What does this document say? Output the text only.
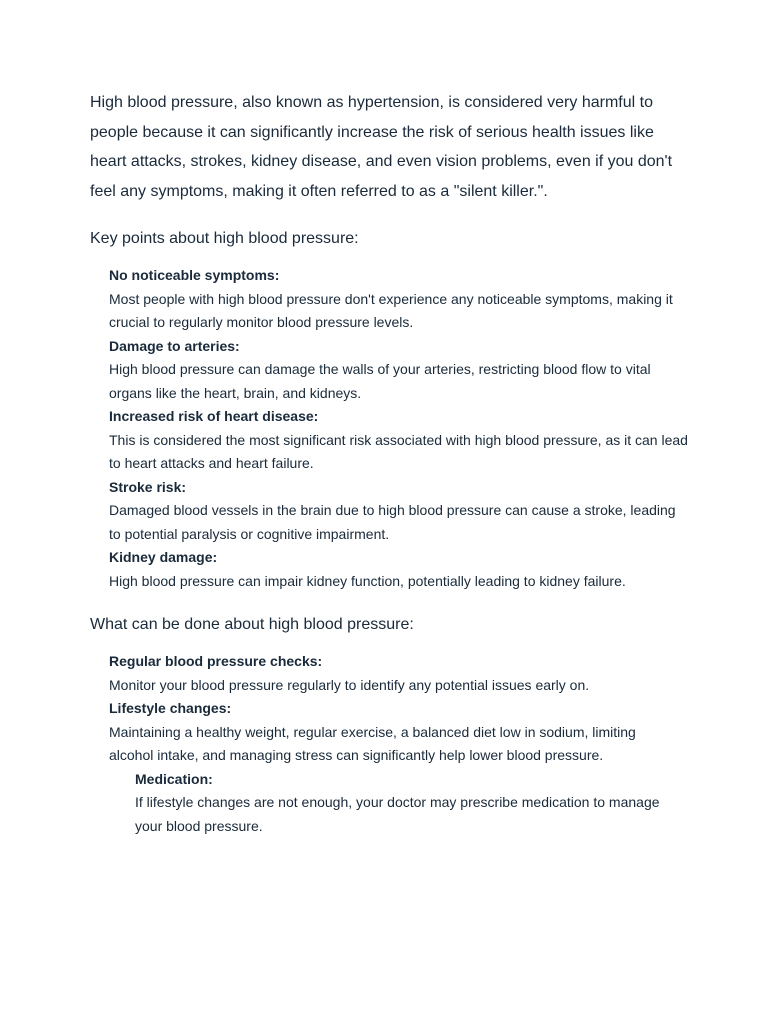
High blood pressure, also known as hypertension, is considered very harmful to people because it can significantly increase the risk of serious health issues like heart attacks, strokes, kidney disease, and even vision problems, even if you don't feel any symptoms, making it often referred to as a "silent killer.".

Key points about high blood pressure:

No noticeable symptoms:

Most people with high blood pressure don't experience any noticeable symptoms, making it crucial to regularly monitor blood pressure levels.

Damage to arteries:

High blood pressure can damage the walls of your arteries, restricting blood flow to vital organs like the heart, brain, and kidneys.

Increased risk of heart disease:

This is considered the most significant risk associated with high blood pressure, as it can lead to heart attacks and heart failure.

Stroke risk:

Damaged blood vessels in the brain due to high blood pressure can cause a stroke, leading to potential paralysis or cognitive impairment.

Kidney damage:

High blood pressure can impair kidney function, potentially leading to kidney failure.

What can be done about high blood pressure:

Regular blood pressure checks:

Monitor your blood pressure regularly to identify any potential issues early on.

Lifestyle changes:

Maintaining a healthy weight, regular exercise, a balanced diet low in sodium, limiting alcohol intake, and managing stress can significantly help lower blood pressure.

Medication:

If lifestyle changes are not enough, your doctor may prescribe medication to manage your blood pressure.
